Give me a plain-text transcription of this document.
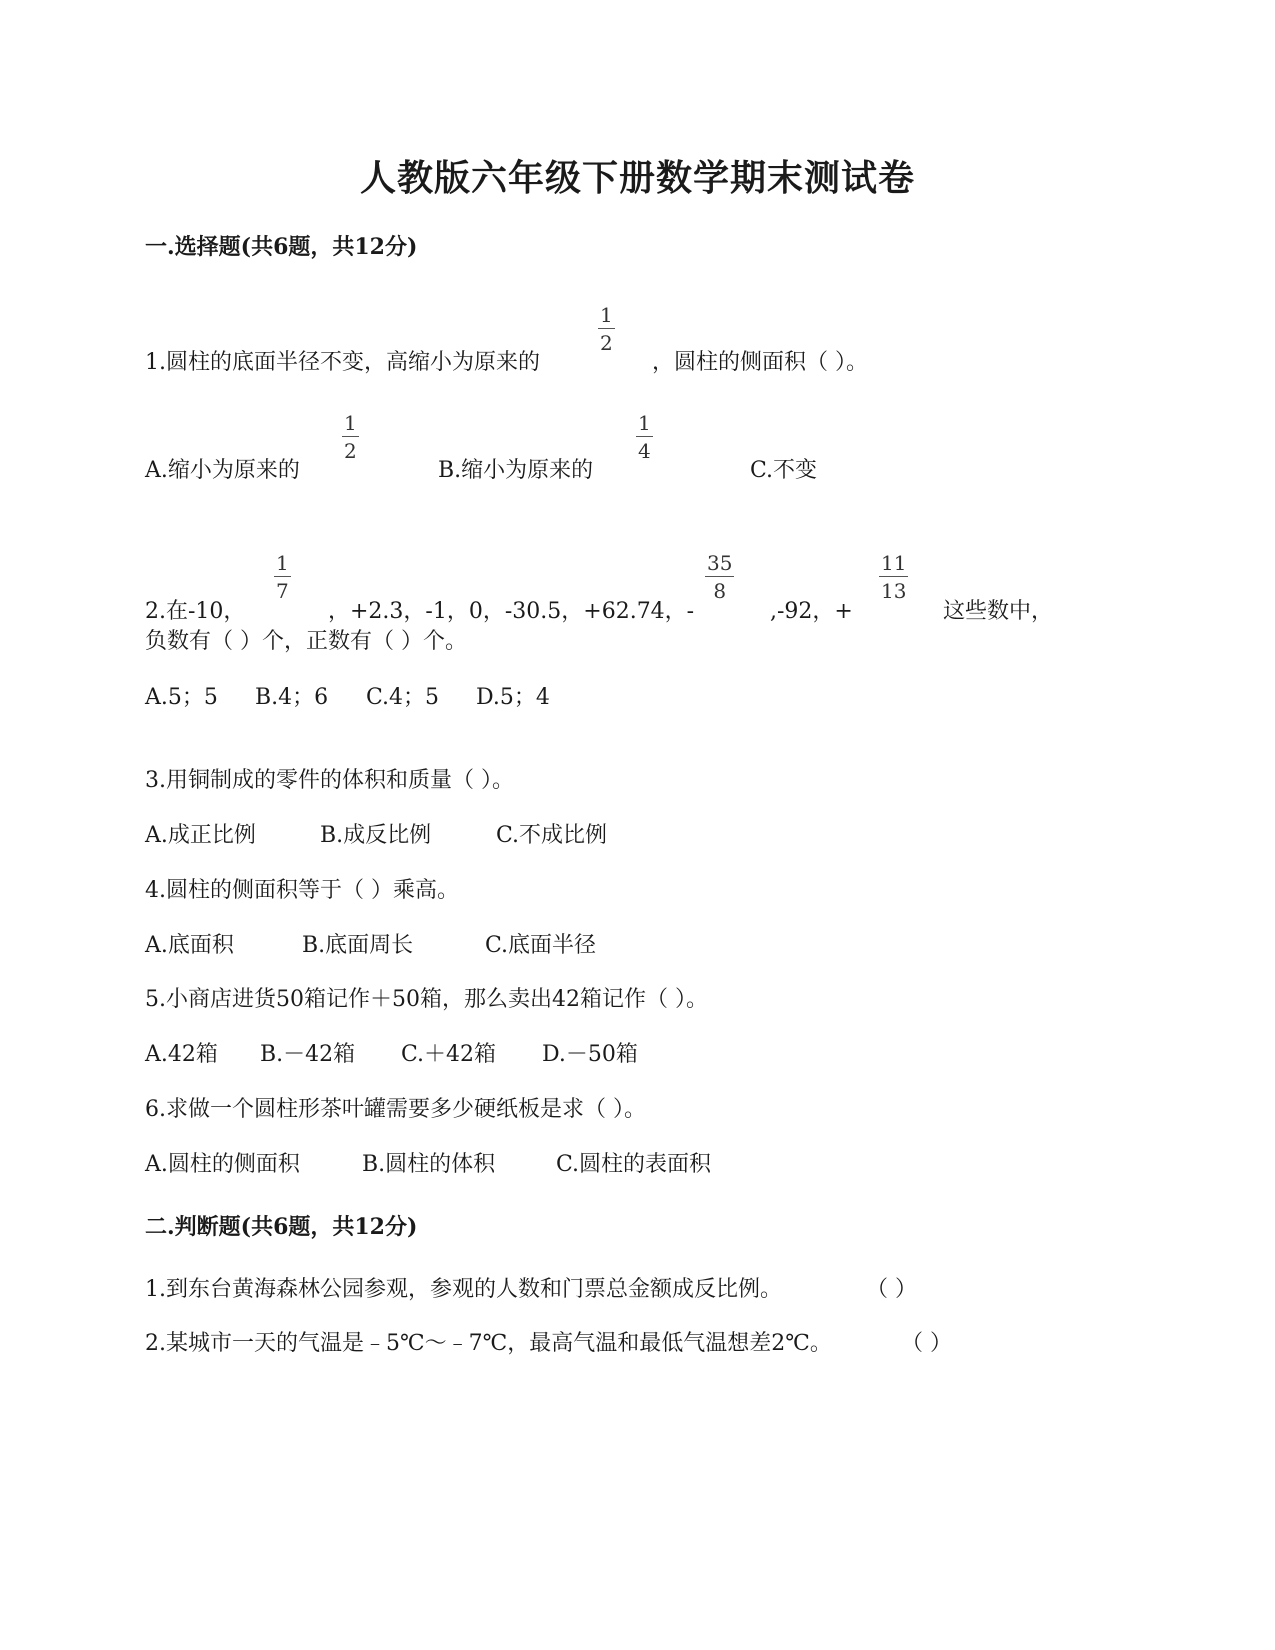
人教版六年级下册数学期末测试卷
一.选择题(共6题，共12分)
1.圆柱的底面半径不变，高缩小为原来的
1
2
，圆柱的侧面积（ ）。
A.缩小为原来的
1
2
B.缩小为原来的
1
4
C.不变
2.在-10，
1
7
，+2.3，-1，0，-30.5，+62.74，-
35
8
,-92，+
11
13
这些数中，
负数有（ ）个，正数有（ ）个。
A.5；5 B.4；6 C.4；5 D.5；4
3.用铜制成的零件的体积和质量（ ）。
A.成正比例	B.成反比例	C.不成比例
4.圆柱的侧面积等于（ ）乘高。
A.底面积	B.底面周长	C.底面半径
5.小商店进货50箱记作＋50箱，那么卖出42箱记作（ ）。
A.42箱 B.－42箱 C.＋42箱 D.－50箱
6.求做一个圆柱形茶叶罐需要多少硬纸板是求（ ）。
A.圆柱的侧面积	B.圆柱的体积	C.圆柱的表面积
二.判断题(共6题，共12分)
1.到东台黄海森林公园参观，参观的人数和门票总金额成反比例。	（ ）
2.某城市一天的气温是﹣5℃～﹣7℃，最高气温和最低气温想差2℃。	（ ）
